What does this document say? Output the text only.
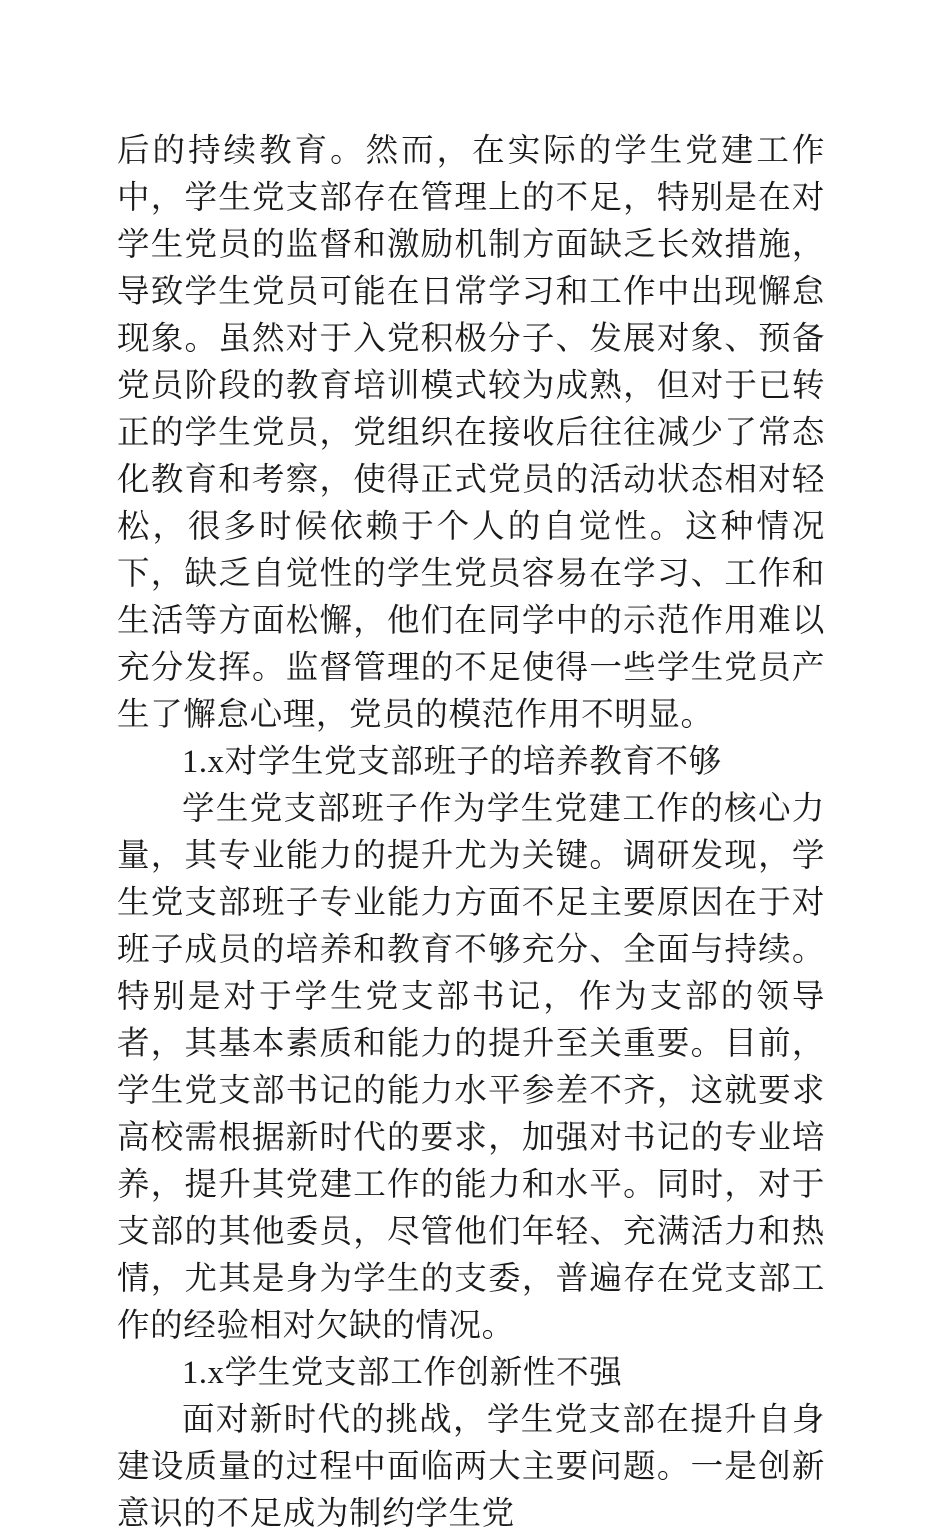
后的持续教育。然而，在实际的学生党建工作中，学生党支部存在管理上的不足，特别是在对学生党员的监督和激励机制方面缺乏长效措施，导致学生党员可能在日常学习和工作中出现懈怠现象。虽然对于入党积极分子、发展对象、预备党员阶段的教育培训模式较为成熟，但对于已转正的学生党员，党组织在接收后往往减少了常态化教育和考察，使得正式党员的活动状态相对轻松，很多时候依赖于个人的自觉性。这种情况下，缺乏自觉性的学生党员容易在学习、工作和生活等方面松懈，他们在同学中的示范作用难以充分发挥。监督管理的不足使得一些学生党员产生了懈怠心理，党员的模范作用不明显。

1.x对学生党支部班子的培养教育不够

学生党支部班子作为学生党建工作的核心力量，其专业能力的提升尤为关键。调研发现，学生党支部班子专业能力方面不足主要原因在于对班子成员的培养和教育不够充分、全面与持续。特别是对于学生党支部书记，作为支部的领导者，其基本素质和能力的提升至关重要。目前，学生党支部书记的能力水平参差不齐，这就要求高校需根据新时代的要求，加强对书记的专业培养，提升其党建工作的能力和水平。同时，对于支部的其他委员，尽管他们年轻、充满活力和热情，尤其是身为学生的支委，普遍存在党支部工作的经验相对欠缺的情况。

1.x学生党支部工作创新性不强

面对新时代的挑战，学生党支部在提升自身建设质量的过程中面临两大主要问题。一是创新意识的不足成为制约学生党
